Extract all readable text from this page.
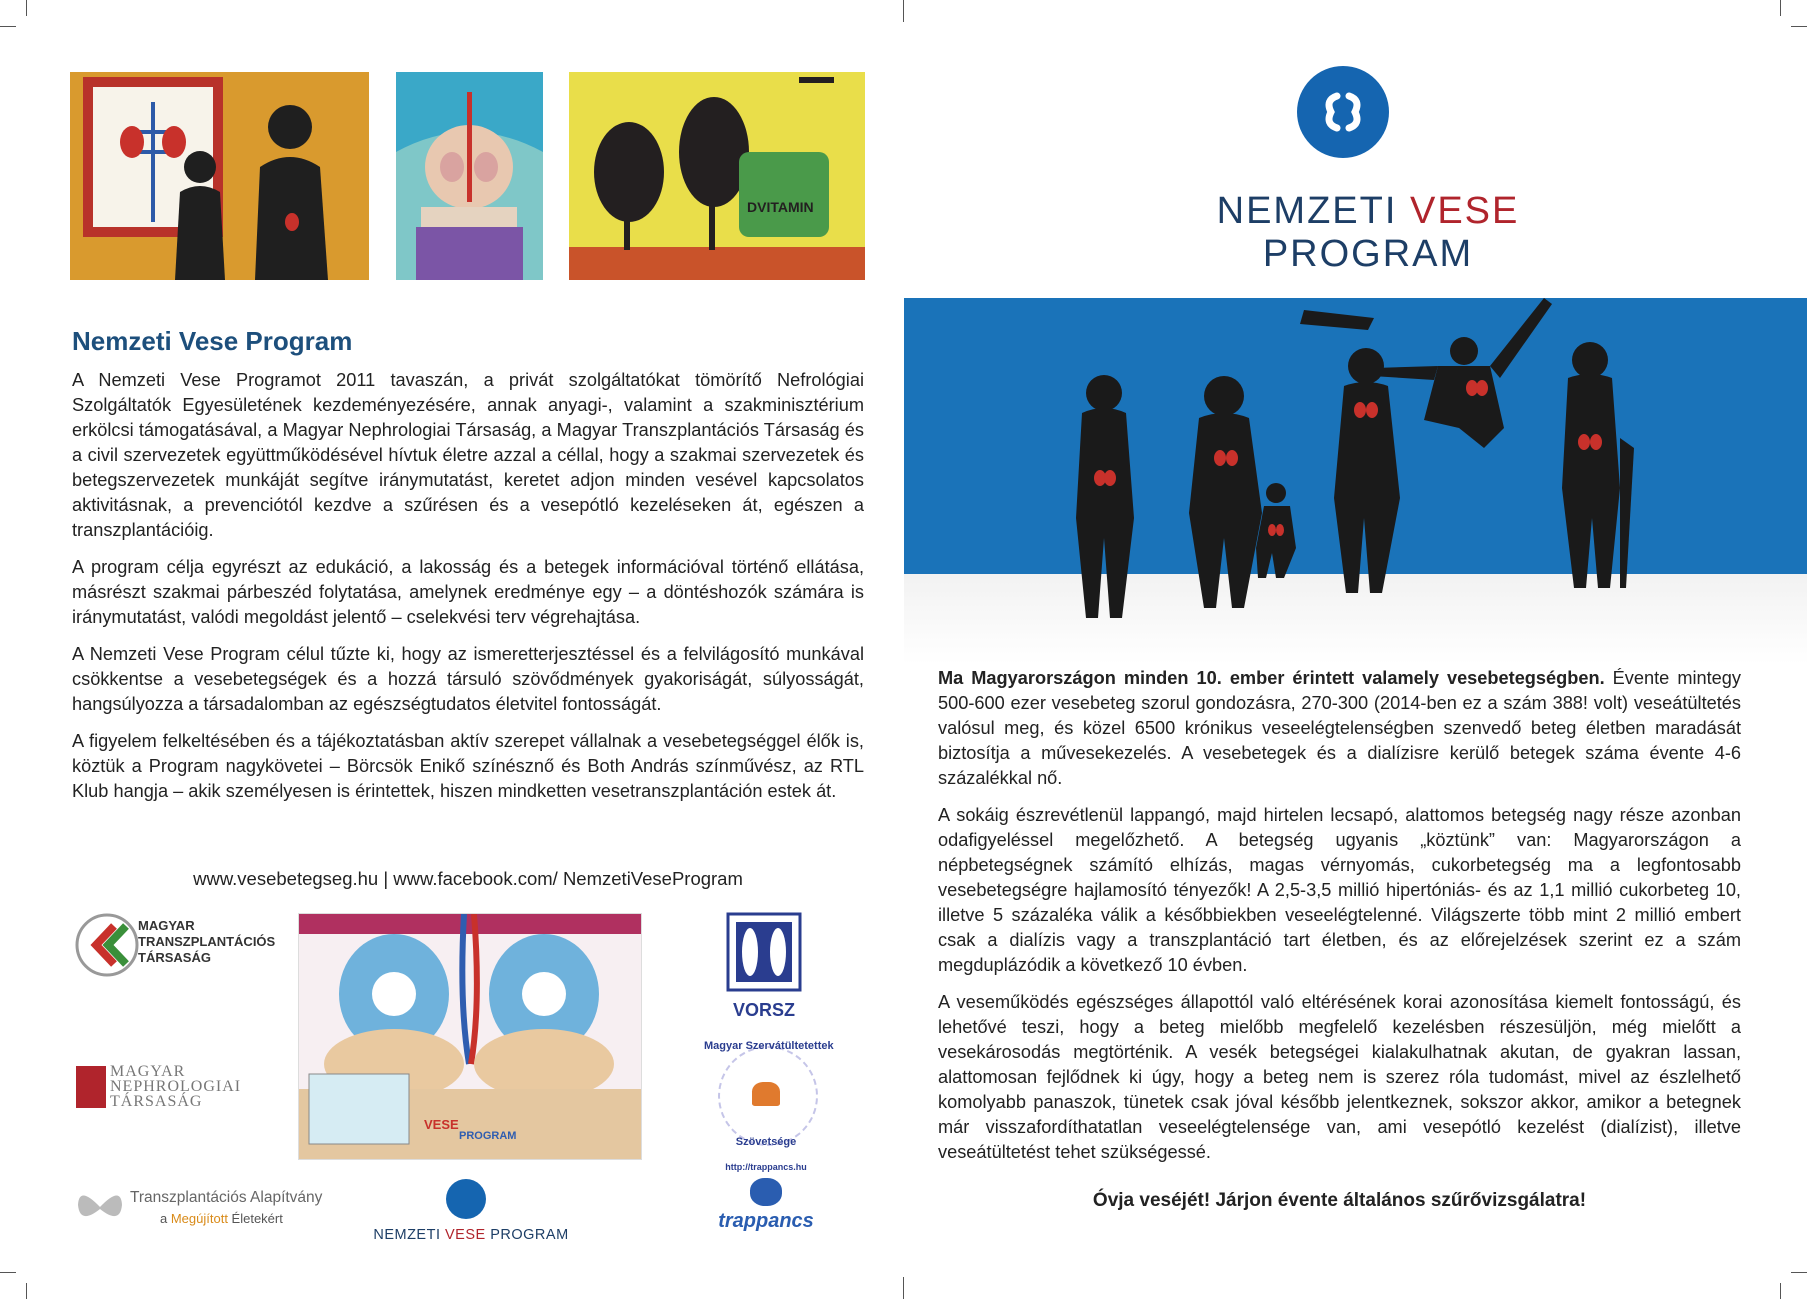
DVITAMIN
Nemzeti Vese Program

A Nemzeti Vese Programot 2011 tavaszán, a privát szolgáltatókat tömörítő Nefrológiai Szolgáltatók Egyesületének kezdeményezésére, annak anyagi-, valamint a szakminisztérium erkölcsi támogatásával, a Magyar Nephrologiai Társaság, a Magyar Transzplantációs Társaság és a civil szervezetek együttműködésével hívtuk életre azzal a céllal, hogy a szakmai szervezetek és betegszervezetek munkáját segítve iránymutatást, keretet adjon minden vesével kapcsolatos aktivitásnak, a prevenciótól kezdve a szűrésen és a vesepótló kezeléseken át, egészen a transzplantációig.

A program célja egyrészt az edukáció, a lakosság és a betegek információval történő ellátása, másrészt szakmai párbeszéd folytatása, amelynek eredménye egy – a döntéshozók számára is iránymutatást, valódi megoldást jelentő – cselekvési terv végrehajtása.

A Nemzeti Vese Program célul tűzte ki, hogy az ismeretterjesztéssel és a felvilágosító munkával csökkentse a vesebetegségek és a hozzá társuló szövődmények gyakoriságát, súlyosságát, hangsúlyozza a társadalomban az egészségtudatos életvitel fontosságát.

A figyelem felkeltésében és a tájékoztatásban aktív szerepet vállalnak a vesebetegséggel élők is, köztük a Program nagykövetei – Börcsök Enikő színésznő és Both András színművész, az RTL Klub hangja – akik személyesen is érintettek, hiszen mindketten vesetranszplantáción estek át.

www.vesebetegseg.hu | www.facebook.com/ NemzetiVeseProgram
MAGYAR
TRANSZPLANTÁCIÓS
TÁRSASÁG
MAGYAR
NEPHROLOGIAI
TÁRSASÁG
Transzplantációs Alapítvány
a Megújított Életekért
VESE
PROGRAM
NEMZETI VESE PROGRAM
VORSZ
Magyar Szervátültetettek
Szövetsége
http://trappancs.hu
trappancs
NEMZETI VESE PROGRAM

Ma Magyarországon minden 10. ember érintett valamely vesebetegségben. Évente mintegy 500-600 ezer vesebeteg szorul gondozásra, 270-300 (2014-ben ez a szám 388! volt) veseátültetés valósul meg, és közel 6500 krónikus veseelégtelenségben szenvedő beteg életben maradását biztosítja a művesekezelés. A vesebetegek és a dialízisre kerülő betegek száma évente 4-6 százalékkal nő.

A sokáig észrevétlenül lappangó, majd hirtelen lecsapó, alattomos betegség nagy része azonban odafigyeléssel megelőzhető. A betegség ugyanis „köztünk” van: Magyarországon a népbetegségnek számító elhízás, magas vérnyomás, cukorbetegség ma a legfontosabb vesebetegségre hajlamosító tényezők! A 2,5-3,5 millió hipertóniás- és az 1,1 millió cukorbeteg 10, illetve 5 százaléka válik a későbbiekben veseelégtelenné. Világszerte több mint 2 millió embert csak a dialízis vagy a transzplantáció tart életben, és az előrejelzések szerint ez a szám megduplázódik a következő 10 évben.

A veseműködés egészséges állapottól való eltérésének korai azonosítása kiemelt fontosságú, és lehetővé teszi, hogy a beteg mielőbb megfelelő kezelésben részesüljön, még mielőtt a vesekárosodás megtörténik. A vesék betegségei kialakulhatnak akutan, de gyakran lassan, alattomosan fejlődnek ki úgy, hogy a beteg nem is szerez róla tudomást, mivel az észlelhető komolyabb panaszok, tünetek csak jóval később jelentkeznek, sokszor akkor, amikor a betegnek már visszafordíthatatlan veseelégtelensége van, ami vesepótló kezelést (dialízist), illetve veseátültetést tehet szükségessé.

Óvja veséjét! Járjon évente általános szűrővizsgálatra!
